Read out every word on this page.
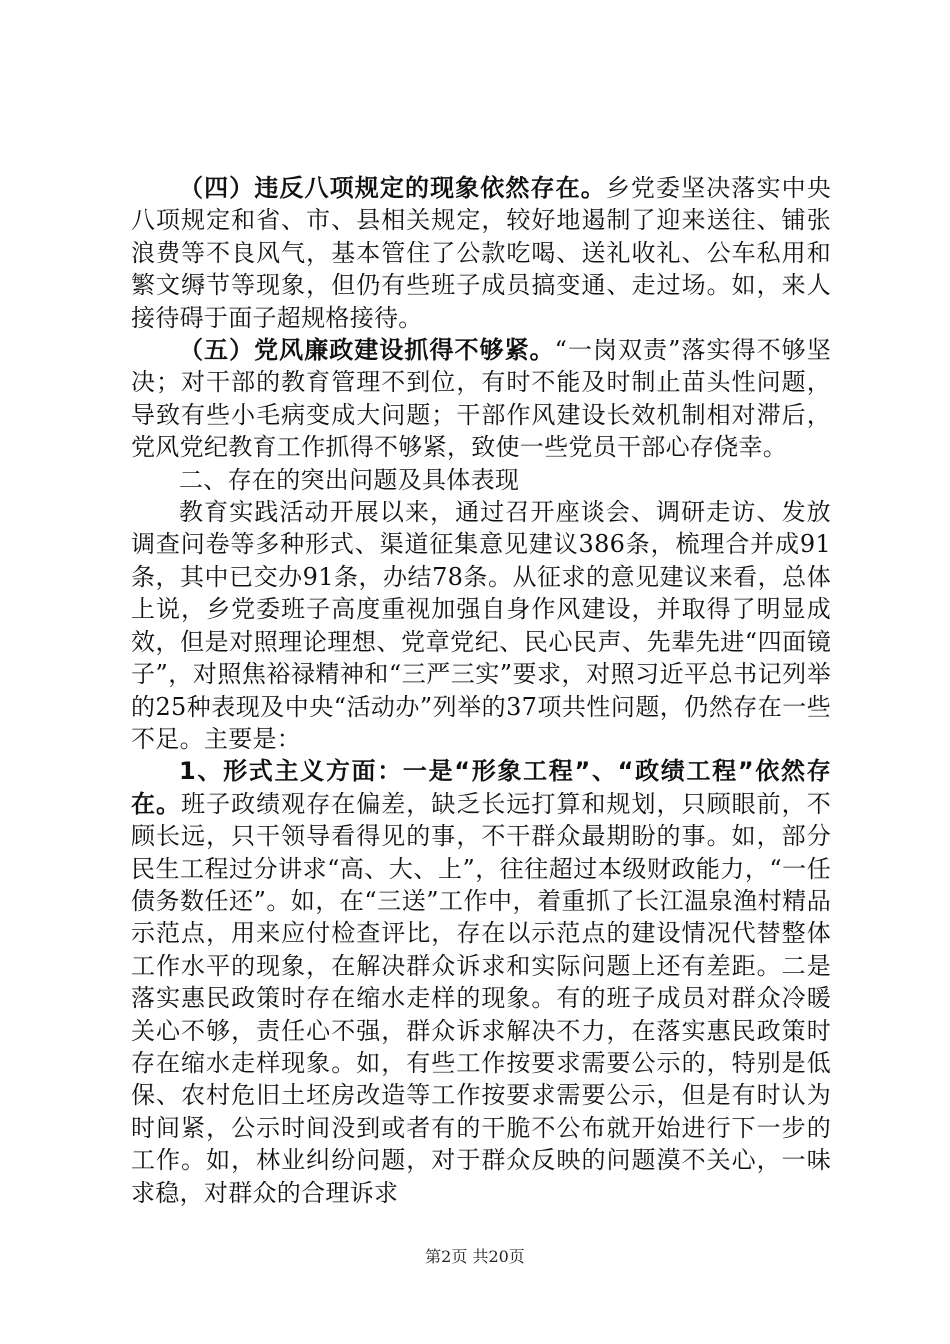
（四）违反八项规定的现象依然存在。乡党委坚决落实中央八项规定和省、市、县相关规定，较好地遏制了迎来送往、铺张浪费等不良风气，基本管住了公款吃喝、送礼收礼、公车私用和繁文缛节等现象，但仍有些班子成员搞变通、走过场。如，来人接待碍于面子超规格接待。

（五）党风廉政建设抓得不够紧。“一岗双责”落实得不够坚决；对干部的教育管理不到位，有时不能及时制止苗头性问题，导致有些小毛病变成大问题；干部作风建设长效机制相对滞后，党风党纪教育工作抓得不够紧，致使一些党员干部心存侥幸。

二、存在的突出问题及具体表现

教育实践活动开展以来，通过召开座谈会、调研走访、发放调查问卷等多种形式、渠道征集意见建议386条，梳理合并成91条，其中已交办91条，办结78条。从征求的意见建议来看，总体上说，乡党委班子高度重视加强自身作风建设，并取得了明显成效，但是对照理论理想、党章党纪、民心民声、先辈先进“四面镜子”，对照焦裕禄精神和“三严三实”要求，对照习近平总书记列举的25种表现及中央“活动办”列举的37项共性问题，仍然存在一些不足。主要是：

1、形式主义方面：一是“形象工程”、“政绩工程”依然存在。班子政绩观存在偏差，缺乏长远打算和规划，只顾眼前，不顾长远，只干领导看得见的事，不干群众最期盼的事。如，部分民生工程过分讲求“高、大、上”，往往超过本级财政能力，“一任债务数任还”。如，在“三送”工作中，着重抓了长江温泉渔村精品示范点，用来应付检查评比，存在以示范点的建设情况代替整体工作水平的现象，在解决群众诉求和实际问题上还有差距。二是落实惠民政策时存在缩水走样的现象。有的班子成员对群众冷暖关心不够，责任心不强，群众诉求解决不力，在落实惠民政策时存在缩水走样现象。如，有些工作按要求需要公示的，特别是低保、农村危旧土坯房改造等工作按要求需要公示，但是有时认为时间紧，公示时间没到或者有的干脆不公布就开始进行下一步的工作。如，林业纠纷问题，对于群众反映的问题漠不关心，一味求稳，对群众的合理诉求

第2页 共20页
